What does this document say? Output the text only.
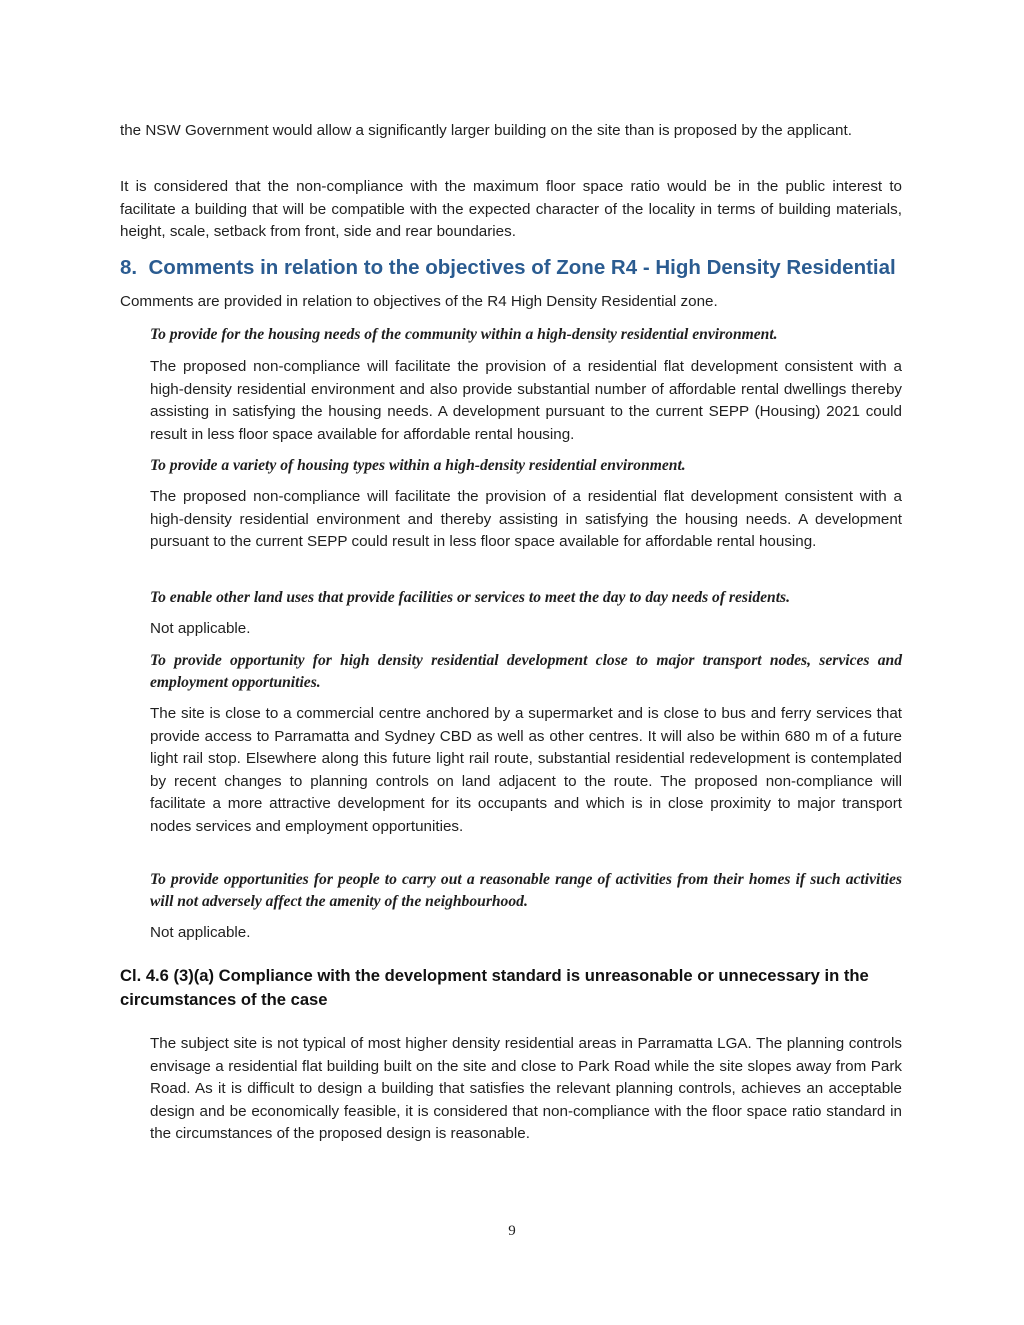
the NSW Government would allow a significantly larger building on the site than is proposed by the applicant.

It is considered that the non-compliance with the maximum floor space ratio would be in the public interest to facilitate a building that will be compatible with the expected character of the locality in terms of building materials, height, scale, setback from front, side and rear boundaries.

8.  Comments in relation to the objectives of Zone R4 - High Density Residential

Comments are provided in relation to objectives of the R4 High Density Residential zone.

To provide for the housing needs of the community within a high-density residential environment.

The proposed non-compliance will facilitate the provision of a residential flat development consistent with a high-density residential environment and also provide substantial number of affordable rental dwellings thereby assisting in satisfying the housing needs. A development pursuant to the current SEPP (Housing) 2021 could result in less floor space available for affordable rental housing.

To provide a variety of housing types within a high-density residential environment.

The proposed non-compliance will facilitate the provision of a residential flat development consistent with a high-density residential environment and thereby assisting in satisfying the housing needs. A development pursuant to the current SEPP could result in less floor space available for affordable rental housing.

To enable other land uses that provide facilities or services to meet the day to day needs of residents.

Not applicable.

To provide opportunity for high density residential development close to major transport nodes, services and employment opportunities.

The site is close to a commercial centre anchored by a supermarket and is close to bus and ferry services that provide access to Parramatta and Sydney CBD as well as other centres. It will also be within 680 m of a future light rail stop. Elsewhere along this future light rail route, substantial residential redevelopment is contemplated by recent changes to planning controls on land adjacent to the route. The proposed non-compliance will facilitate a more attractive development for its occupants and which is in close proximity to major transport nodes services and employment opportunities.

To provide opportunities for people to carry out a reasonable range of activities from their homes if such activities will not adversely affect the amenity of the neighbourhood.

Not applicable.

Cl. 4.6 (3)(a) Compliance with the development standard is unreasonable or unnecessary in the circumstances of the case

The subject site is not typical of most higher density residential areas in Parramatta LGA. The planning controls envisage a residential flat building built on the site and close to Park Road while the site slopes away from Park Road. As it is difficult to design a building that satisfies the relevant planning controls, achieves an acceptable design and be economically feasible, it is considered that non-compliance with the floor space ratio standard in the circumstances of the proposed design is reasonable.

9
